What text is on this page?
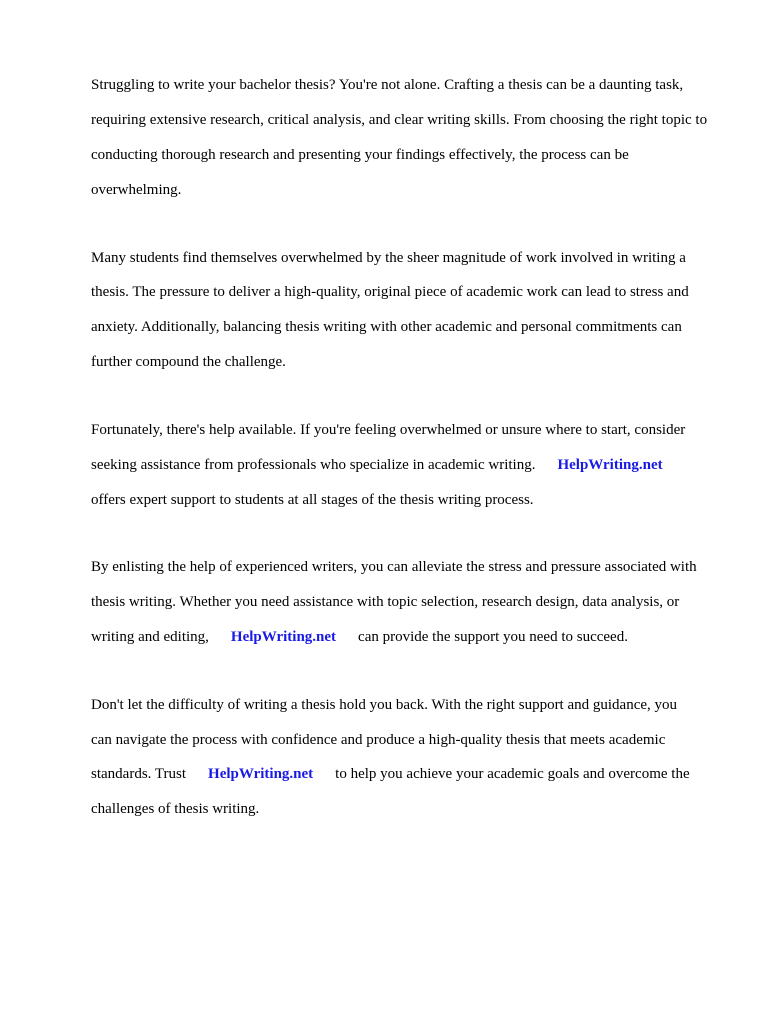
Struggling to write your bachelor thesis? You're not alone. Crafting a thesis can be a daunting task,

requiring extensive research, critical analysis, and clear writing skills. From choosing the right topic to

conducting thorough research and presenting your findings effectively, the process can be

overwhelming.

Many students find themselves overwhelmed by the sheer magnitude of work involved in writing a

thesis. The pressure to deliver a high-quality, original piece of academic work can lead to stress and

anxiety. Additionally, balancing thesis writing with other academic and personal commitments can

further compound the challenge.

Fortunately, there's help available. If you're feeling overwhelmed or unsure where to start, consider

seeking assistance from professionals who specialize in academic writing. HelpWriting.net

offers expert support to students at all stages of the thesis writing process.

By enlisting the help of experienced writers, you can alleviate the stress and pressure associated with

thesis writing. Whether you need assistance with topic selection, research design, data analysis, or

writing and editing, HelpWriting.net can provide the support you need to succeed.

Don't let the difficulty of writing a thesis hold you back. With the right support and guidance, you

can navigate the process with confidence and produce a high-quality thesis that meets academic

standards. Trust HelpWriting.net to help you achieve your academic goals and overcome the

challenges of thesis writing.
